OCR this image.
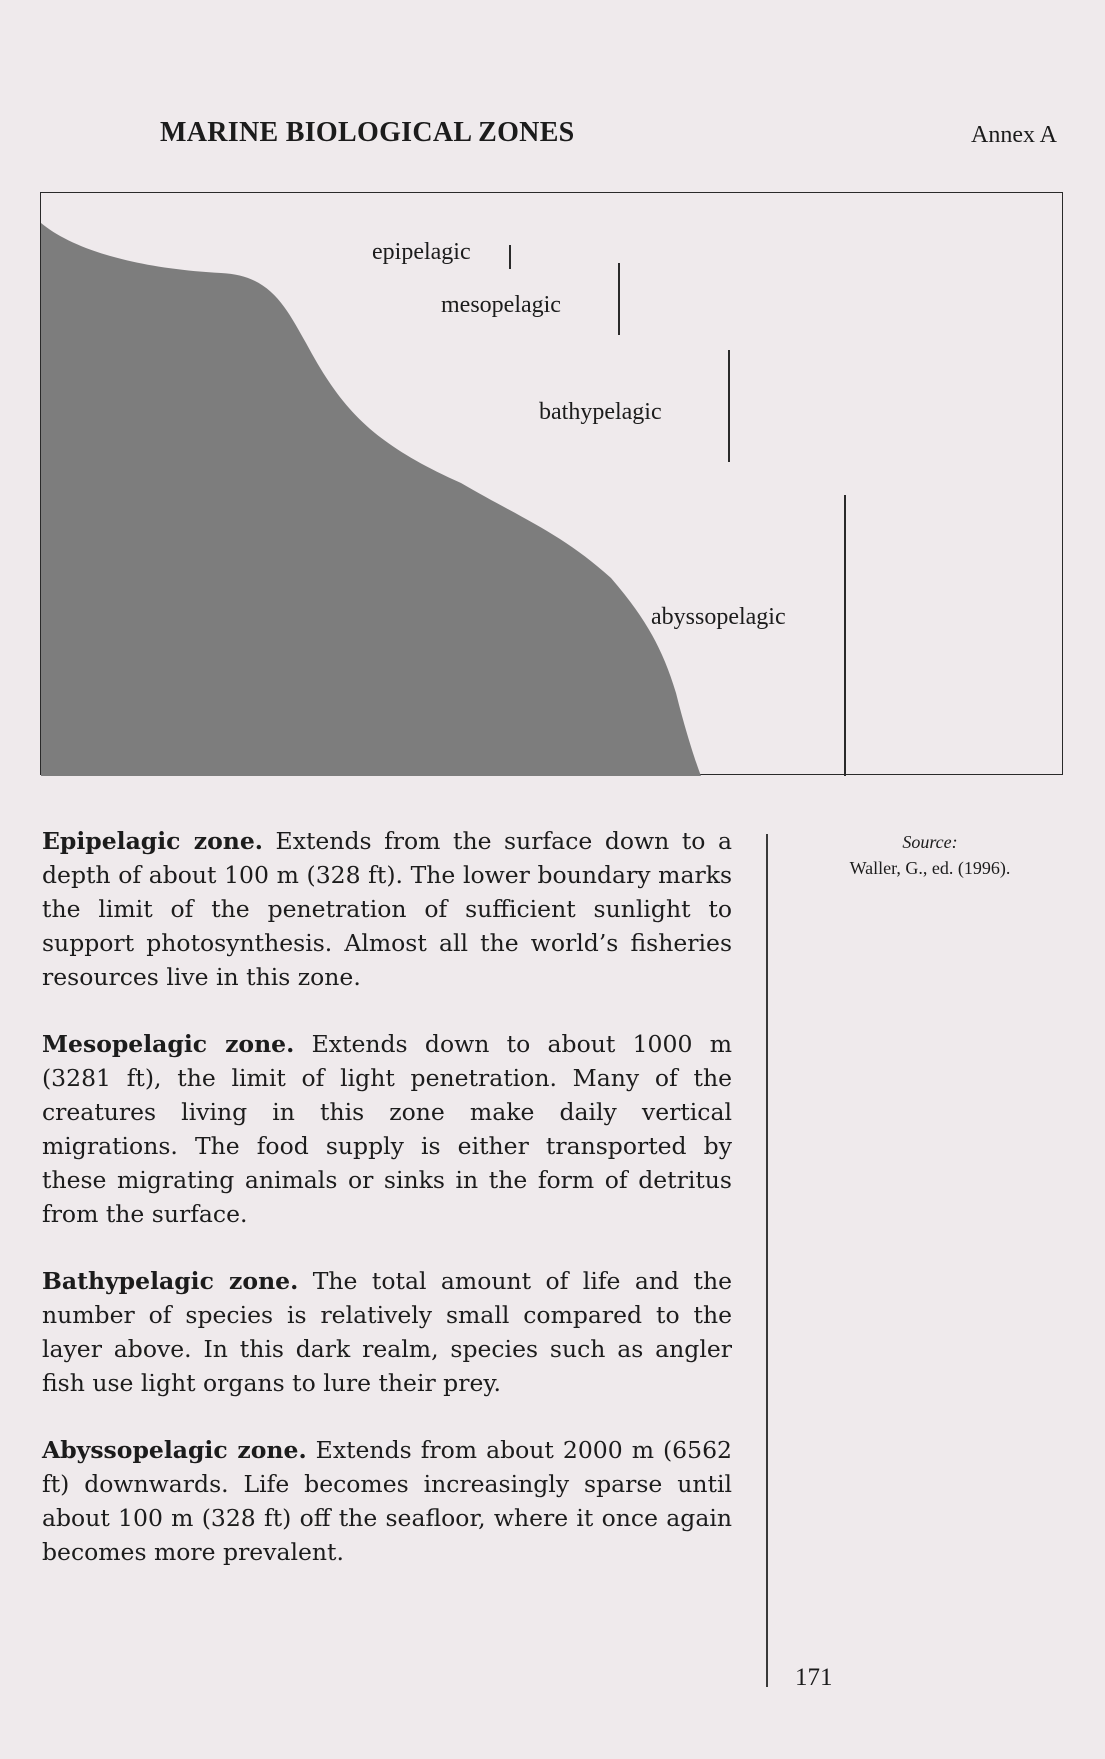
MARINE BIOLOGICAL ZONES	Annex A
epipelagic
mesopelagic
bathypelagic
abyssopelagic

Epipelagic zone. Extends from the surface down to a depth of about 100 m (328 ft). The lower boundary marks the limit of the penetration of sufficient sunlight to support photosynthesis. Almost all the world’s fisheries resources live in this zone.

Mesopelagic zone. Extends down to about 1000 m (3281 ft), the limit of light penetration. Many of the creatures living in this zone make daily vertical migrations. The food supply is either transported by these migrating animals or sinks in the form of detritus from the surface.

Bathypelagic zone. The total amount of life and the number of species is relatively small compared to the layer above. In this dark realm, species such as angler fish use light organs to lure their prey.

Abyssopelagic zone. Extends from about 2000 m (6562 ft) downwards. Life becomes increasingly sparse until about 100 m (328 ft) off the seafloor, where it once again becomes more prevalent.

Source:
Waller, G., ed. (1996).
171
